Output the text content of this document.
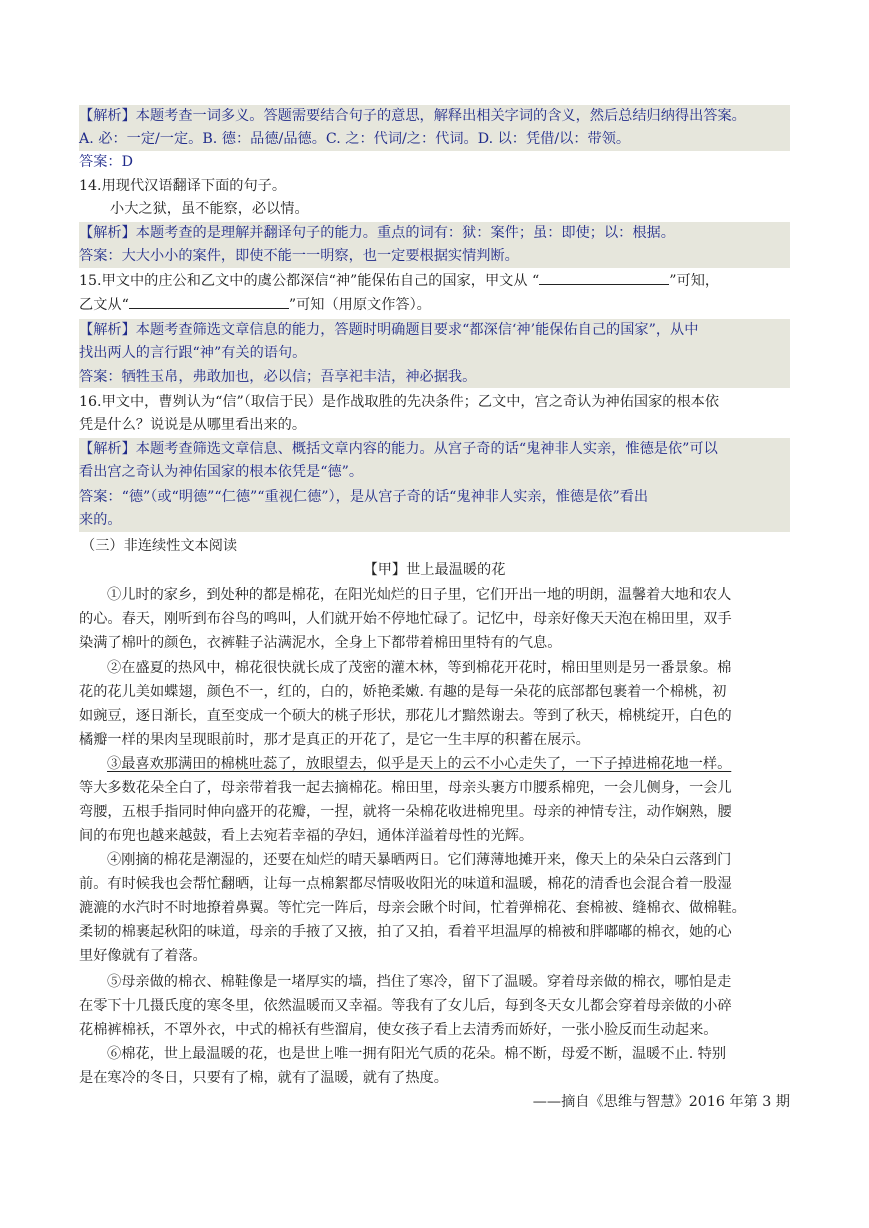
【解析】本题考查一词多义。答题需要结合句子的意思，解释出相关字词的含义，然后总结归纳得出答案。
A. 必：一定/一定。B. 德：品德/品德。C. 之：代词/之：代词。D. 以：凭借/以：带领。
答案：D
14.用现代汉语翻译下面的句子。
小大之狱，虽不能察，必以情。
【解析】本题考查的是理解并翻译句子的能力。重点的词有：狱：案件；虽：即使；以：根据。
答案：大大小小的案件，即使不能一一明察，也一定要根据实情判断。
15.甲文中的庄公和乙文中的虞公都深信“神”能保佑自己的国家，甲文从 “	”可知，
乙文从“	”可知（用原文作答）。
【解析】本题考查筛选文章信息的能力，答题时明确题目要求“都深信‘神’能保佑自己的国家”，从中
找出两人的言行跟“神”有关的语句。
答案：牺牲玉帛，弗敢加也，必以信；吾享祀丰洁，神必据我。
16.甲文中，曹刿认为“信”（取信于民）是作战取胜的先决条件；乙文中，宫之奇认为神佑国家的根本依
凭是什么？说说是从哪里看出来的。
【解析】本题考查筛选文章信息、概括文章内容的能力。从宫子奇的话“鬼神非人实亲，惟德是依”可以
看出宫之奇认为神佑国家的根本依凭是“德”。
答案：“德”（或“明德”“仁德”“重视仁德”），是从宫子奇的话“鬼神非人实亲，惟德是依”看出
来的。
（三）非连续性文本阅读
【甲】世上最温暖的花
①儿时的家乡，到处种的都是棉花，在阳光灿烂的日子里，它们开出一地的明朗，温馨着大地和农人
的心。春天，刚听到布谷鸟的鸣叫，人们就开始不停地忙碌了。记忆中，母亲好像天天泡在棉田里，双手
染满了棉叶的颜色，衣裤鞋子沾满泥水，全身上下都带着棉田里特有的气息。
②在盛夏的热风中，棉花很快就长成了茂密的灌木林，等到棉花开花时，棉田里则是另一番景象。棉
花的花儿美如蝶翅，颜色不一，红的，白的，娇艳柔嫩. 有趣的是每一朵花的底部都包裹着一个棉桃，初
如豌豆，逐日渐长，直至变成一个硕大的桃子形状，那花儿才黯然谢去。等到了秋天，棉桃绽开，白色的
橘瓣一样的果肉呈现眼前时，那才是真正的开花了，是它一生丰厚的积蓄在展示。
③最喜欢那满田的棉桃吐蕊了，放眼望去，似乎是天上的云不小心走失了，一下子掉进棉花地一样。
等大多数花朵全白了，母亲带着我一起去摘棉花。棉田里，母亲头裹方巾腰系棉兜，一会儿侧身，一会儿
弯腰，五根手指同时伸向盛开的花瓣，一捏，就将一朵棉花收进棉兜里。母亲的神情专注，动作娴熟，腰
间的布兜也越来越鼓，看上去宛若幸福的孕妇，通体洋溢着母性的光辉。
④刚摘的棉花是潮湿的，还要在灿烂的晴天暴晒两日。它们薄薄地摊开来，像天上的朵朵白云落到门
前。有时候我也会帮忙翻晒，让每一点棉絮都尽情吸收阳光的味道和温暖，棉花的清香也会混合着一股湿
漉漉的水汽时不时地撩着鼻翼。等忙完一阵后，母亲会瞅个时间，忙着弹棉花、套棉被、缝棉衣、做棉鞋。
柔韧的棉裹起秋阳的味道，母亲的手掖了又掖，拍了又拍，看着平坦温厚的棉被和胖嘟嘟的棉衣，她的心
里好像就有了着落。
⑤母亲做的棉衣、棉鞋像是一堵厚实的墙，挡住了寒冷，留下了温暖。穿着母亲做的棉衣，哪怕是走
在零下十几摄氏度的寒冬里，依然温暖而又幸福。等我有了女儿后，每到冬天女儿都会穿着母亲做的小碎
花棉裤棉袄，不罩外衣，中式的棉袄有些溜肩，使女孩子看上去清秀而娇好，一张小脸反而生动起来。
⑥棉花，世上最温暖的花，也是世上唯一拥有阳光气质的花朵。棉不断，母爱不断，温暖不止. 特别
是在寒冷的冬日，只要有了棉，就有了温暖，就有了热度。
——摘自《思维与智慧》2016 年第 3 期
